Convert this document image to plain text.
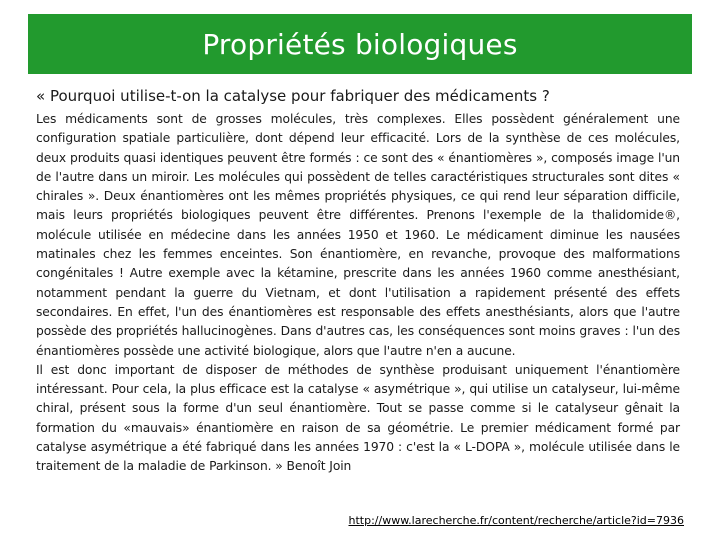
Propriétés biologiques

« Pourquoi utilise-t-on la catalyse pour fabriquer des médicaments ?

Les médicaments sont de grosses molécules, très complexes. Elles possèdent généralement une configuration spatiale particulière, dont dépend leur efficacité. Lors de la synthèse de ces molécules, deux produits quasi identiques peuvent être formés : ce sont des « énantiomères », composés image l'un de l'autre dans un miroir. Les molécules qui possèdent de telles caractéristiques structurales sont dites « chirales ». Deux énantiomères ont les mêmes propriétés physiques, ce qui rend leur séparation difficile, mais leurs propriétés biologiques peuvent être différentes. Prenons l'exemple de la thalidomide®, molécule utilisée en médecine dans les années 1950 et 1960. Le médicament diminue les nausées matinales chez les femmes enceintes. Son énantiomère, en revanche, provoque des malformations congénitales ! Autre exemple avec la kétamine, prescrite dans les années 1960 comme anesthésiant, notamment pendant la guerre du Vietnam, et dont l'utilisation a rapidement présenté des effets secondaires. En effet, l'un des énantiomères est responsable des effets anesthésiants, alors que l'autre possède des propriétés hallucinogènes. Dans d'autres cas, les conséquences sont moins graves : l'un des énantiomères possède une activité biologique, alors que l'autre n'en a aucune.

Il est donc important de disposer de méthodes de synthèse produisant uniquement l'énantiomère intéressant. Pour cela, la plus efficace est la catalyse « asymétrique », qui utilise un catalyseur, lui-même chiral, présent sous la forme d'un seul énantiomère. Tout se passe comme si le catalyseur gênait la formation du «mauvais» énantiomère en raison de sa géométrie. Le premier médicament formé par catalyse asymétrique a été fabriqué dans les années 1970 : c'est la « L-DOPA », molécule utilisée dans le traitement de la maladie de Parkinson. » Benoît Join

http://www.larecherche.fr/content/recherche/article?id=7936
